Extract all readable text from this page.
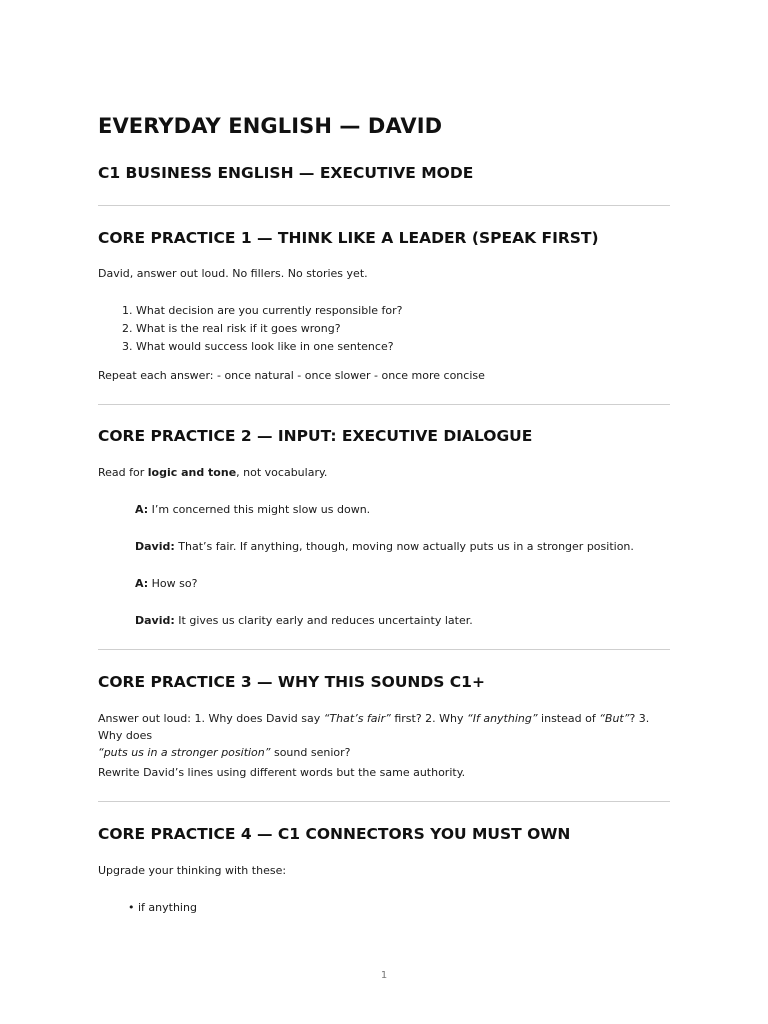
EVERYDAY ENGLISH — DAVID
C1 BUSINESS ENGLISH — EXECUTIVE MODE
CORE PRACTICE 1 — THINK LIKE A LEADER (SPEAK FIRST)

David, answer out loud. No fillers. No stories yet.

1. What decision are you currently responsible for?

2. What is the real risk if it goes wrong?

3. What would success look like in one sentence?

Repeat each answer: - once natural - once slower - once more concise

CORE PRACTICE 2 — INPUT: EXECUTIVE DIALOGUE

Read for logic and tone, not vocabulary.

A: I’m concerned this might slow us down.

David: That’s fair. If anything, though, moving now actually puts us in a stronger position.

A: How so?

David: It gives us clarity early and reduces uncertainty later.

CORE PRACTICE 3 — WHY THIS SOUNDS C1+

Answer out loud: 1. Why does David say “That’s fair” first? 2. Why “If anything” instead of “But”? 3. Why does
“puts us in a stronger position” sound senior?

Rewrite David’s lines using different words but the same authority.

CORE PRACTICE 4 — C1 CONNECTORS YOU MUST OWN

Upgrade your thinking with these:

• if anything

1
